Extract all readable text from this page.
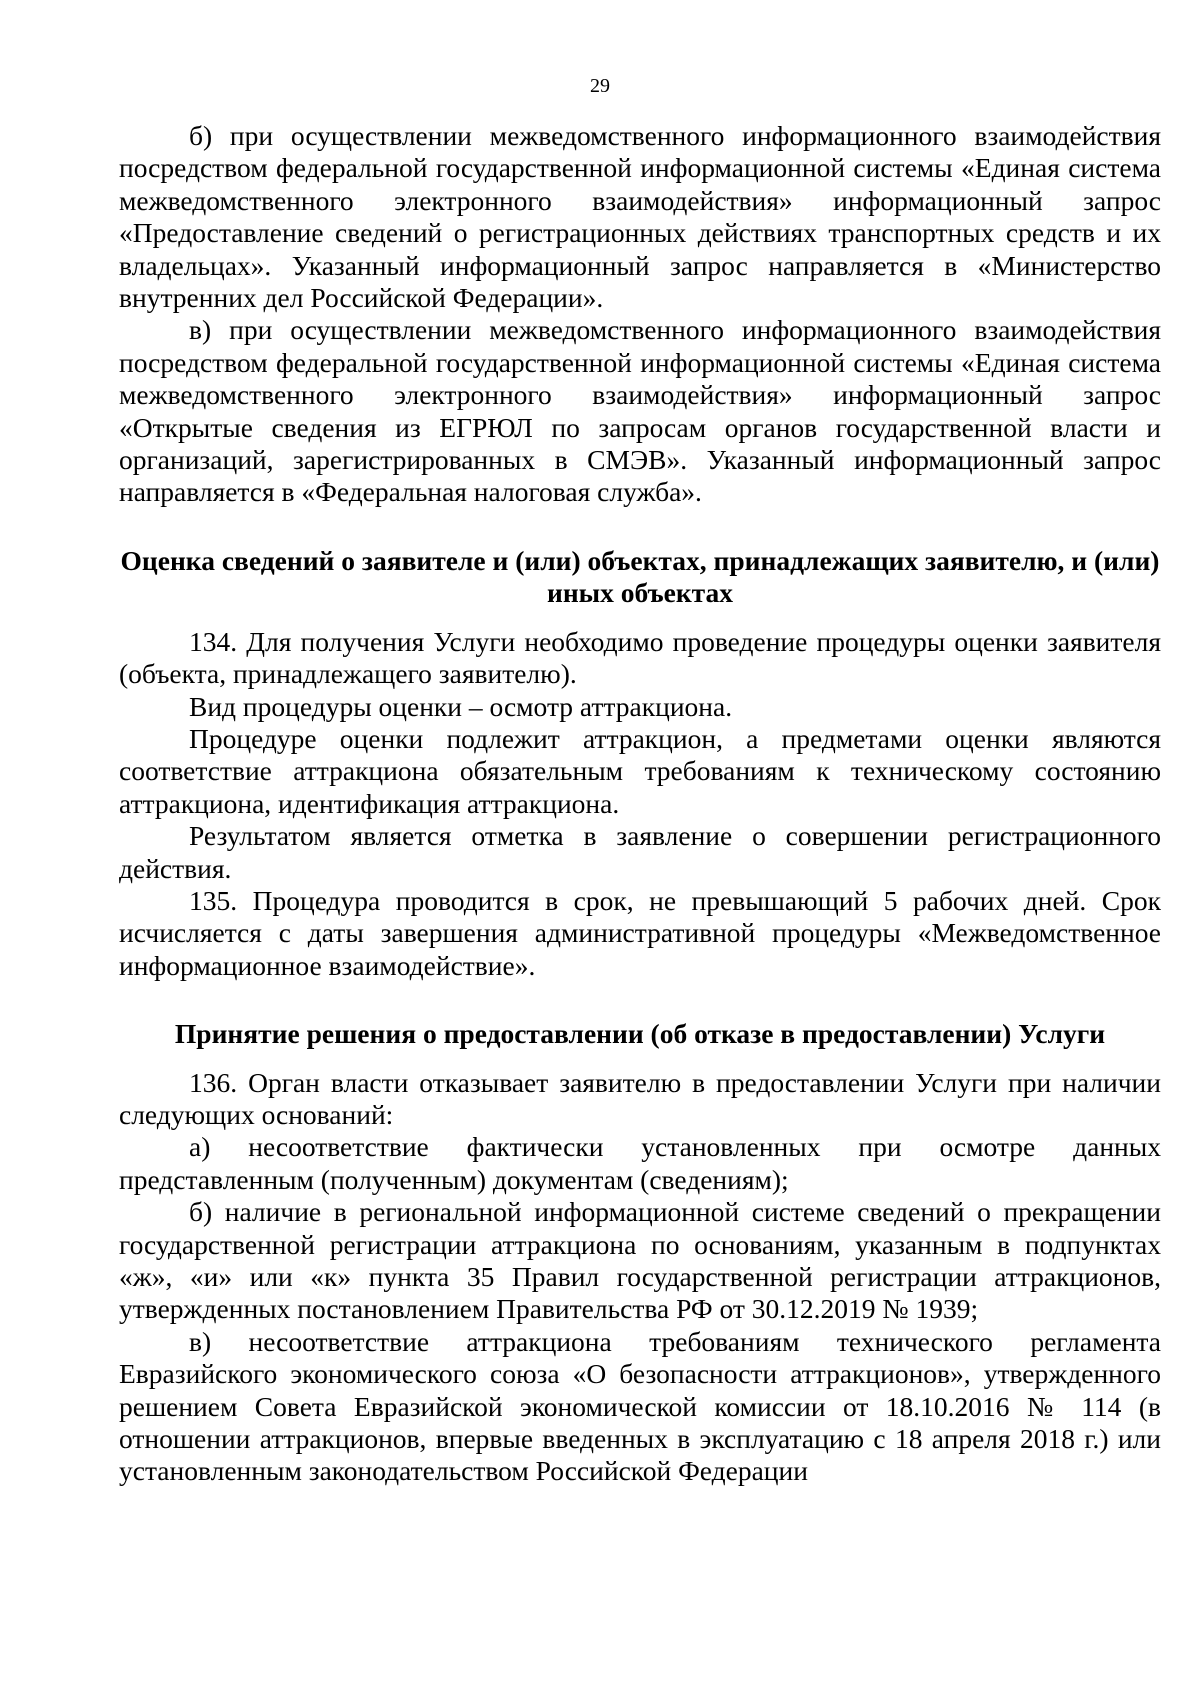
29

б) при осуществлении межведомственного информационного взаимодействия посредством федеральной государственной информационной системы «Единая система межведомственного электронного взаимодействия» информационный запрос «Предоставление сведений о регистрационных действиях транспортных средств и их владельцах». Указанный информационный запрос направляется в «Министерство внутренних дел Российской Федерации».

в) при осуществлении межведомственного информационного взаимодействия посредством федеральной государственной информационной системы «Единая система межведомственного электронного взаимодействия» информационный запрос «Открытые сведения из ЕГРЮЛ по запросам органов государственной власти и организаций, зарегистрированных в СМЭВ». Указанный информационный запрос направляется в «Федеральная налоговая служба».

Оценка сведений о заявителе и (или) объектах, принадлежащих заявителю, и (или) иных объектах

134. Для получения Услуги необходимо проведение процедуры оценки заявителя (объекта, принадлежащего заявителю).

Вид процедуры оценки – осмотр аттракциона.

Процедуре оценки подлежит аттракцион, а предметами оценки являются соответствие аттракциона обязательным требованиям к техническому состоянию аттракциона, идентификация аттракциона.

Результатом является отметка в заявление о совершении регистрационного действия.

135. Процедура проводится в срок, не превышающий 5 рабочих дней. Срок исчисляется с даты завершения административной процедуры «Межведомственное информационное взаимодействие».

Принятие решения о предоставлении (об отказе в предоставлении) Услуги

136. Орган власти отказывает заявителю в предоставлении Услуги при наличии следующих оснований:

а) несоответствие фактически установленных при осмотре данных представленным (полученным) документам (сведениям);

б) наличие в региональной информационной системе сведений о прекращении государственной регистрации аттракциона по основаниям, указанным в подпунктах «ж», «и» или «к» пункта 35 Правил государственной регистрации аттракционов, утвержденных постановлением Правительства РФ от 30.12.2019 № 1939;

в) несоответствие аттракциона требованиям технического регламента Евразийского экономического союза «О безопасности аттракционов», утвержденного решением Совета Евразийской экономической комиссии от 18.10.2016 № 114 (в отношении аттракционов, впервые введенных в эксплуатацию с 18 апреля 2018 г.) или установленным законодательством Российской Федерации
